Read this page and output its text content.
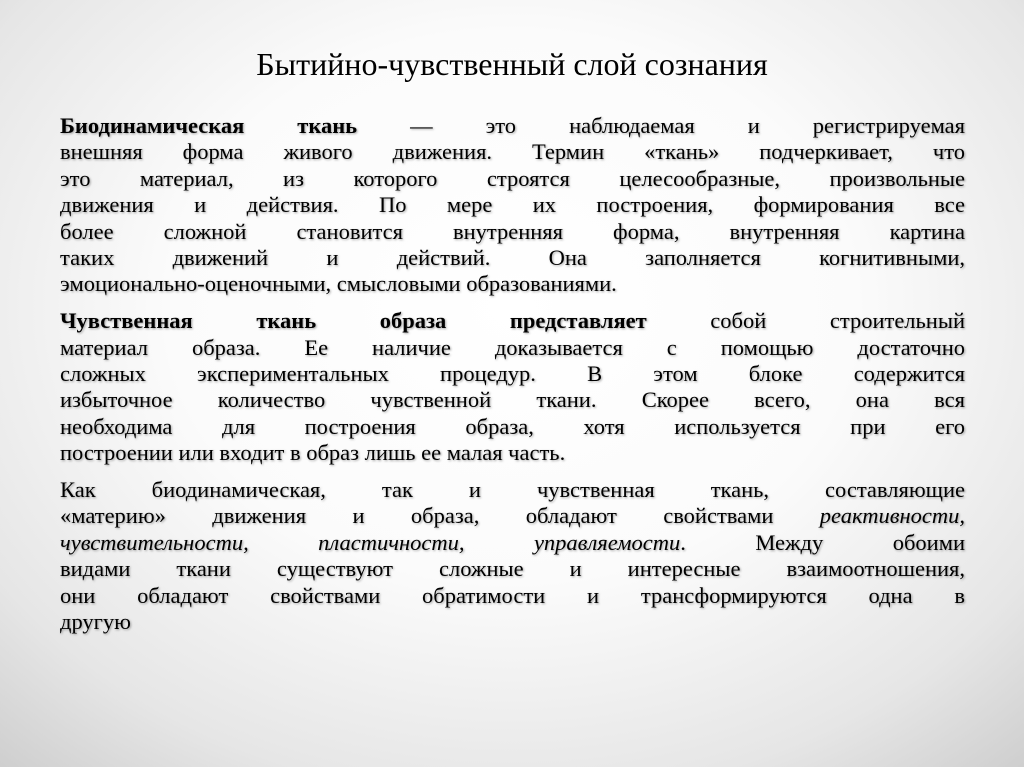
Бытийно-чувственный слой сознания
Биодинамическая ткань — это наблюдаемая и регистрируемая
внешняя форма живого движения. Термин «ткань» подчеркивает, что
это материал, из которого строятся целесообразные, произвольные
движения и действия. По мере их построения, формирования все
более сложной становится внутренняя форма, внутренняя картина
таких движений и действий. Она заполняется когнитивными,
эмоционально-оценочными, смысловыми образованиями.
Чувственная ткань образа представляет собой строительный
материал образа. Ее наличие доказывается с помощью достаточно
сложных экспериментальных процедур. В этом блоке содержится
избыточное количество чувственной ткани. Скорее всего, она вся
необходима для построения образа, хотя используется при его
построении или входит в образ лишь ее малая часть.
Как биодинамическая, так и чувственная ткань, составляющие
«материю» движения и образа, обладают свойствами реактивности,
чувствительности, пластичности, управляемости. Между обоими
видами ткани существуют сложные и интересные взаимоотношения,
они обладают свойствами обратимости и трансформируются одна в
другую
